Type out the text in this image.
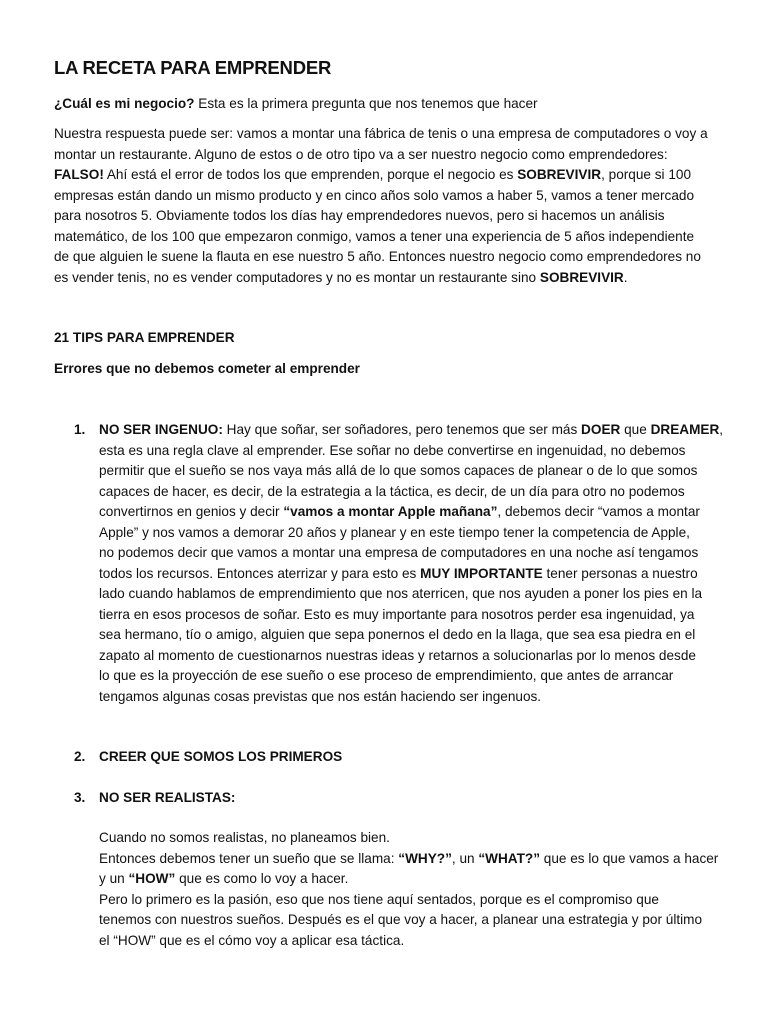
LA RECETA PARA EMPRENDER
¿Cuál es mi negocio? Esta es la primera pregunta que nos tenemos que hacer
Nuestra respuesta puede ser: vamos a montar una fábrica de tenis o una empresa de computadores o voy a
montar un restaurante. Alguno de estos o de otro tipo va a ser nuestro negocio como emprendedores:
FALSO! Ahí está el error de todos los que emprenden, porque el negocio es SOBREVIVIR, porque si 100
empresas están dando un mismo producto y en cinco años solo vamos a haber 5, vamos a tener mercado
para nosotros 5. Obviamente todos los días hay emprendedores nuevos, pero si hacemos un análisis
matemático, de los 100 que empezaron conmigo, vamos a tener una experiencia de 5 años independiente
de que alguien le suene la flauta en ese nuestro 5 año. Entonces nuestro negocio como emprendedores no
es vender tenis, no es vender computadores y no es montar un restaurante sino SOBREVIVIR.
21 TIPS PARA EMPRENDER
Errores que no debemos cometer al emprender
1. NO SER INGENUO: Hay que soñar, ser soñadores, pero tenemos que ser más DOER que DREAMER,
esta es una regla clave al emprender. Ese soñar no debe convertirse en ingenuidad, no debemos
permitir que el sueño se nos vaya más allá de lo que somos capaces de planear o de lo que somos
capaces de hacer, es decir, de la estrategia a la táctica, es decir, de un día para otro no podemos
convertirnos en genios y decir “vamos a montar Apple mañana”, debemos decir “vamos a montar
Apple” y nos vamos a demorar 20 años y planear y en este tiempo tener la competencia de Apple,
no podemos decir que vamos a montar una empresa de computadores en una noche así tengamos
todos los recursos. Entonces aterrizar y para esto es MUY IMPORTANTE tener personas a nuestro
lado cuando hablamos de emprendimiento que nos aterricen, que nos ayuden a poner los pies en la
tierra en esos procesos de soñar. Esto es muy importante para nosotros perder esa ingenuidad, ya
sea hermano, tío o amigo, alguien que sepa ponernos el dedo en la llaga, que sea esa piedra en el
zapato al momento de cuestionarnos nuestras ideas y retarnos a solucionarlas por lo menos desde
lo que es la proyección de ese sueño o ese proceso de emprendimiento, que antes de arrancar
tengamos algunas cosas previstas que nos están haciendo ser ingenuos.
2. CREER QUE SOMOS LOS PRIMEROS
3. NO SER REALISTAS:
Cuando no somos realistas, no planeamos bien.
Entonces debemos tener un sueño que se llama: “WHY?”, un “WHAT?” que es lo que vamos a hacer
y un “HOW” que es como lo voy a hacer.
Pero lo primero es la pasión, eso que nos tiene aquí sentados, porque es el compromiso que
tenemos con nuestros sueños. Después es el que voy a hacer, a planear una estrategia y por último
el “HOW” que es el cómo voy a aplicar esa táctica.
